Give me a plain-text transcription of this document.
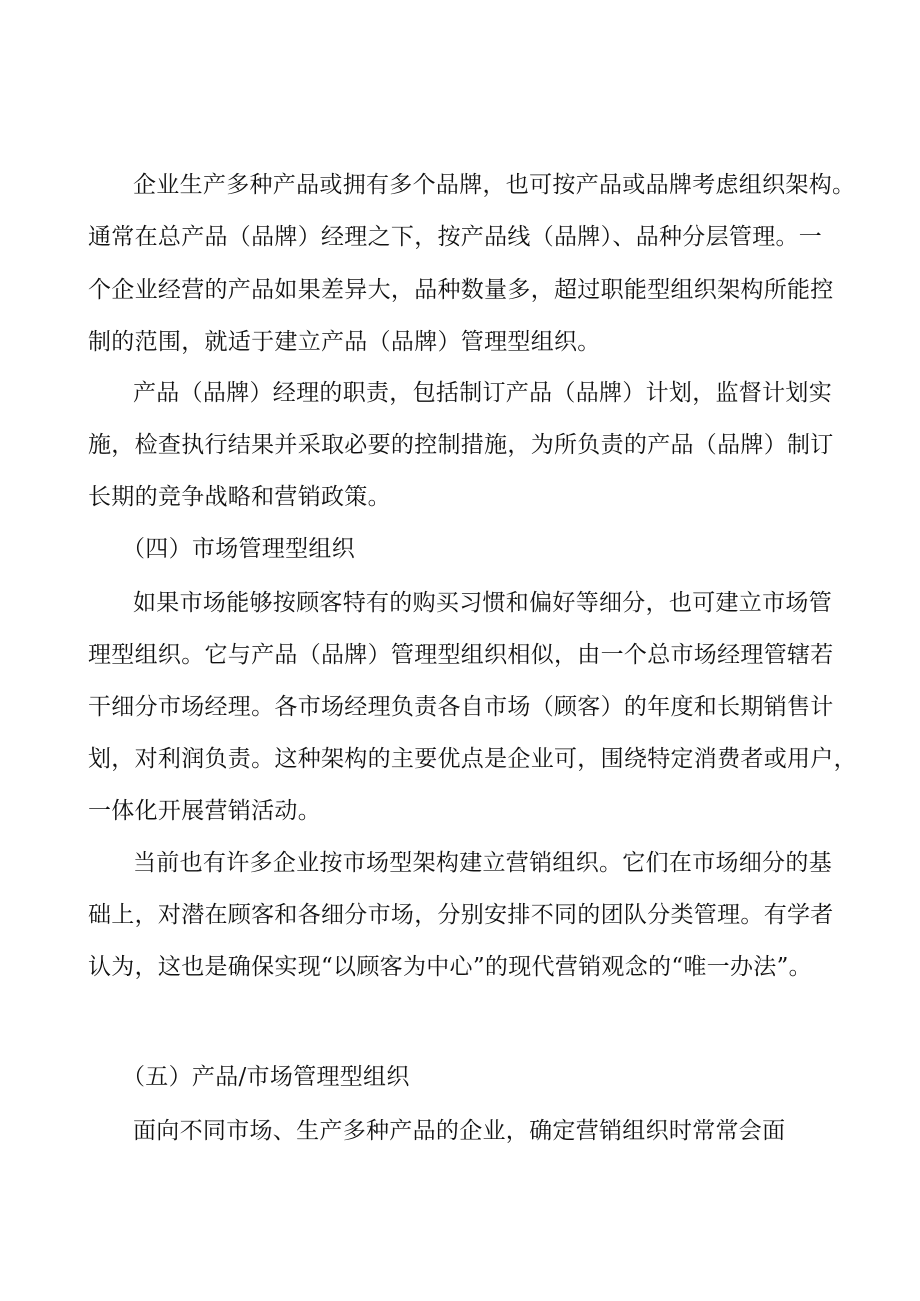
企业生产多种产品或拥有多个品牌，也可按产品或品牌考虑组织架构。
通常在总产品（品牌）经理之下，按产品线（品牌）、品种分层管理。一
个企业经营的产品如果差异大，品种数量多，超过职能型组织架构所能控
制的范围，就适于建立产品（品牌）管理型组织。
产品（品牌）经理的职责，包括制订产品（品牌）计划，监督计划实
施，检查执行结果并采取必要的控制措施，为所负责的产品（品牌）制订
长期的竞争战略和营销政策。
（四）市场管理型组织
如果市场能够按顾客特有的购买习惯和偏好等细分，也可建立市场管
理型组织。它与产品（品牌）管理型组织相似，由一个总市场经理管辖若
干细分市场经理。各市场经理负责各自市场（顾客）的年度和长期销售计
划，对利润负责。这种架构的主要优点是企业可，围绕特定消费者或用户，
一体化开展营销活动。
当前也有许多企业按市场型架构建立营销组织。它们在市场细分的基
础上，对潜在顾客和各细分市场，分别安排不同的团队分类管理。有学者
认为，这也是确保实现“以顾客为中心”的现代营销观念的“唯一办法”。
（五）产品/市场管理型组织
面向不同市场、生产多种产品的企业，确定营销组织时常常会面
